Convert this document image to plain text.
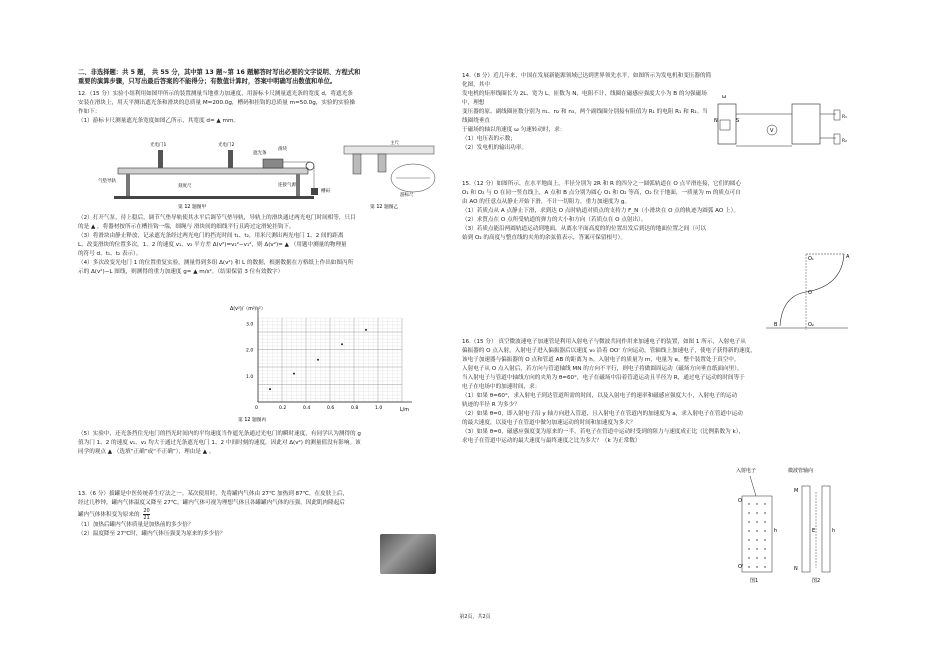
二、非选择题：共 5 题， 共 55 分，其中第 13 题~第 16 题解答时写出必要的文字说明、方程式和

重要的演算步骤，只写出最后答案的不能得分；有数值计算时，答案中明确写出数值和单位。

12.（15 分）实验小组利用如图甲所示的装置测量当地重力加速度，用游标卡尺测量遮光条的宽度 d，将遮光条

安装在滑块上，用天平测出遮光条和滑块的总质量 M=200.0g，槽码和挂钩的总质量 m=50.0g，实验的实验操

作如下：

（1）游标卡尺测量遮光条宽度如图乙所示，其宽度 d= ▲ mm。

光电门1	光电门2
遮光条
滑块
气垫导轨
刻度尺	连接气源
槽码
主尺
游标尺
第 12 题图甲	第 12 题图乙

（2）打开气泵，待上稳后，调节气垫导轨使其水平后调节气垫导轨，导轨上的滑块通过两光电门时间相等，只目

的是 ▲ ，将器材按所示在槽挂钩一端，细绳与 滑块间的细线平行且跨过定滑轮挂钩下。

（3）将滑块由静止释放，记录遮光条经过两光电门的挡光时间 t₁、t₂，用米尺测出两光电门 1、2 间的距离

L，改变滑块的位置多次，1、2 的速度 v₁、v₂ 平方差 Δ(v²)=v₂²−v₁²，则 Δ(v²)= ▲ （用题中测量的物理量

的符号 d、t₁、t₂ 表示）。

（4）多次改变光电门 1 的位置重复实验，测量得到多组 Δ(v²) 和 L 的数据，根据数据在方格纸上作出如图丙所

示的 Δ(v²)−L 图线，则测得的重力加速度 g= ▲ m/s²。（结果保留 3 位有效数字）

0	0.2	0.4	0.6	0.8	1.0
1.0
2.0
3.0
Δ(v²)/（m²/s²）
L/m
第 12 题图丙

（5）实验中，还光条挡住光电门的挡光时间内的平均速度当作遮光条通过光电门的瞬时速度，有同学认为测得的 g

值为门 1、2 的速度 v₁、v₂ 均大于通过光条遮光电门 1、2 中间时刻的速度，因此对 Δ(v²) 的测量值没有影响。该

同学的观点 ▲ （选填“正确”或“不正确”），理由是 ▲ 。

13.（6 分）拔罐是中医传统养生疗法之一。某次使用时，先将罐内气体由 27℃ 加热到 87℃，在皮肤上后，

经过几秒钟，罐内气体温度又降至 27℃，罐内气体可视为理想气体且各罐罐内气体的压强，因此肌肉隆起后

罐内气体体积变为原来的 $\frac{20}{21}$

（1）加热后罐内气体质量是加热前的多少倍？

（2）温度降至 27℃时，罐内气体压强变为原来的多少倍？

14.（8 分）近几年来，中国在发展新能源领域已达到世界领先水平，如图所示为发电机和变压器的简化图，其中

发电机的矩形线圈长为 2L、宽为 L，匝数为 N，电阻不计，线圈在磁感应强度大小为 B 的匀强磁场中，理想

变压器的原、副线圈匝数分别为 n₁、n₂ 和 n₃，两个副线圈分别接有阻值为 R₁ 的电阻 R₁ 和 R₂。当线圈绕垂直

于磁场的轴以角速度 ω 匀速转动时，求：

（1）电压表的示数；

（2）发电机的输出功率。

N	S
ω
V
R₁
R₂

15.（12 分）如图所示，在水平地面上，半径分别为 2R 和 R 的四分之一圆弧轨道在 O 点平滑连接，它们的圆心

O₁ 和 O₂ 与 O 在同一竖直线上，A 点和 B 点分别为圆心 O₁ 和 O₂ 等高，O₂ 位于地面，一质量为 m 的质点可自

由 AO 的任意点从静止开始下滑，不计一切阻力，重力加速度为 g。

（1）若质点从 A 点静止下滑，求到达 O 点时轨道对质点的支持力 F_N（小滑块在 O 点的轨迹为圆弧 AO 上）。

（2）求質点在 O 点所受轨道的弹力的大小和方向（若质点在 O 点射出）。

（3）若质点能沿两圆轨道运动到地面，从离水平面高度的的位置出发后到达的地面位置之间（可以

始到 O₂ 的高度与整直线的夹角的余弦值表示，答案可保留根号）。

A
B
O
O₁
O₂

16.（15 分） 真空微波速电子加速管是利用入射电子与微波共同作用来加速电子的装置，如图 1 所示，入射电子从

偏振器的 O 点入射，入射电子进入偏振器后以速度 v₀ 沿着 OO' 方向运动，管轴线上加速电子，使电子获得新的速度，

该电子加速器与偏振器的 O 点和管道 AB 的距离为 h。入射电子的质量为 m，电量为 e，整个装置处于真空中。

入射电子从 O 点入射后，若方向与管道轴线 MN 的方向不平行，则电子将做圆周运动（磁场方向垂直纸面向里），

当入射电子与管道中轴线方向的夹角为 θ=60°，电子在磁场中沿着管道运动且半径为 R，通过电子运动的时间等于

电子在电场中的加速时间，求：

（1）如果 θ=60°，求入射电子到达管道所需的时间，以及入射电子的速率和磁感应强度大小，入射电子的运动

轨迹的半径 R 为多少？

（2）如果 θ=0，即入射电子沿 y 轴方向进入管道，且入射电子在管道内的加速度为 a，求入射电子在管道中运动

的最大速度，以及电子在管道中做匀加速运动的时间和加速度为多大？

（3）如果 θ=0，磁感应强度变为原来的一半，若电子在管道中运动时受到的阻力与速度成正比（比例系数为 k），

求电子在管道中运动的最大速度与最终速度之比为多大？（k 为正常数）

入射电子	微波管轴向
O
O'
h	E	h
M
N
图1	图2
第2页，共2页
